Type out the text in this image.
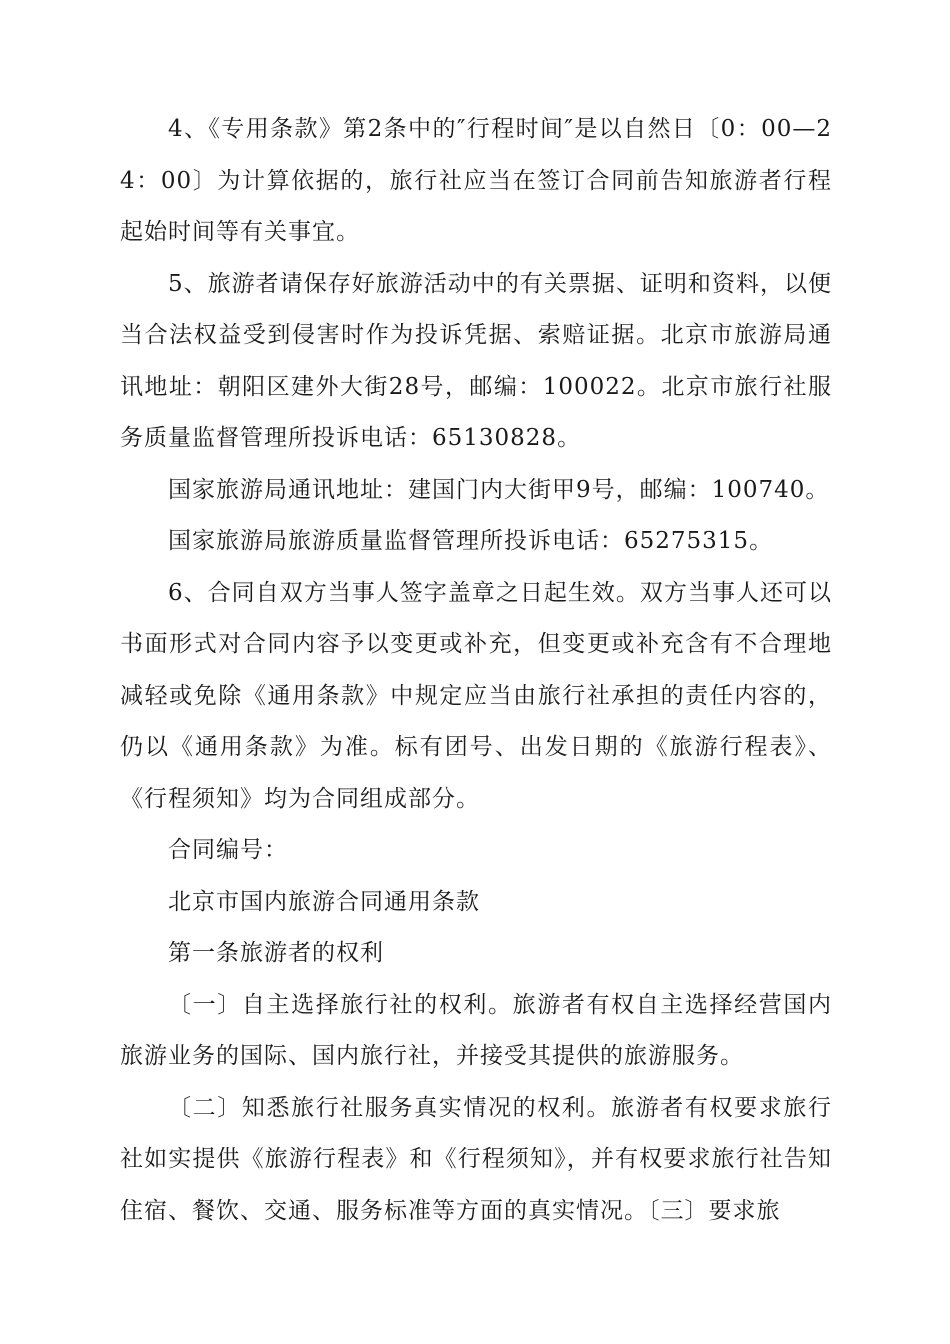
4、《专用条款》第2条中的″行程时间″是以自然日〔0：00—24：00〕为计算依据的，旅行社应当在签订合同前告知旅游者行程起始时间等有关事宜。

5、旅游者请保存好旅游活动中的有关票据、证明和资料，以便当合法权益受到侵害时作为投诉凭据、索赔证据。北京市旅游局通讯地址：朝阳区建外大街28号，邮编：100022。北京市旅行社服务质量监督管理所投诉电话：65130828。

国家旅游局通讯地址：建国门内大街甲9号，邮编：100740。

国家旅游局旅游质量监督管理所投诉电话：65275315。

6、合同自双方当事人签字盖章之日起生效。双方当事人还可以书面形式对合同内容予以变更或补充，但变更或补充含有不合理地减轻或免除《通用条款》中规定应当由旅行社承担的责任内容的，仍以《通用条款》为准。标有团号、出发日期的《旅游行程表》、《行程须知》均为合同组成部分。

合同编号：

北京市国内旅游合同通用条款

第一条旅游者的权利

〔一〕自主选择旅行社的权利。旅游者有权自主选择经营国内旅游业务的国际、国内旅行社，并接受其提供的旅游服务。

〔二〕知悉旅行社服务真实情况的权利。旅游者有权要求旅行社如实提供《旅游行程表》和《行程须知》，并有权要求旅行社告知住宿、餐饮、交通、服务标准等方面的真实情况。〔三〕要求旅
